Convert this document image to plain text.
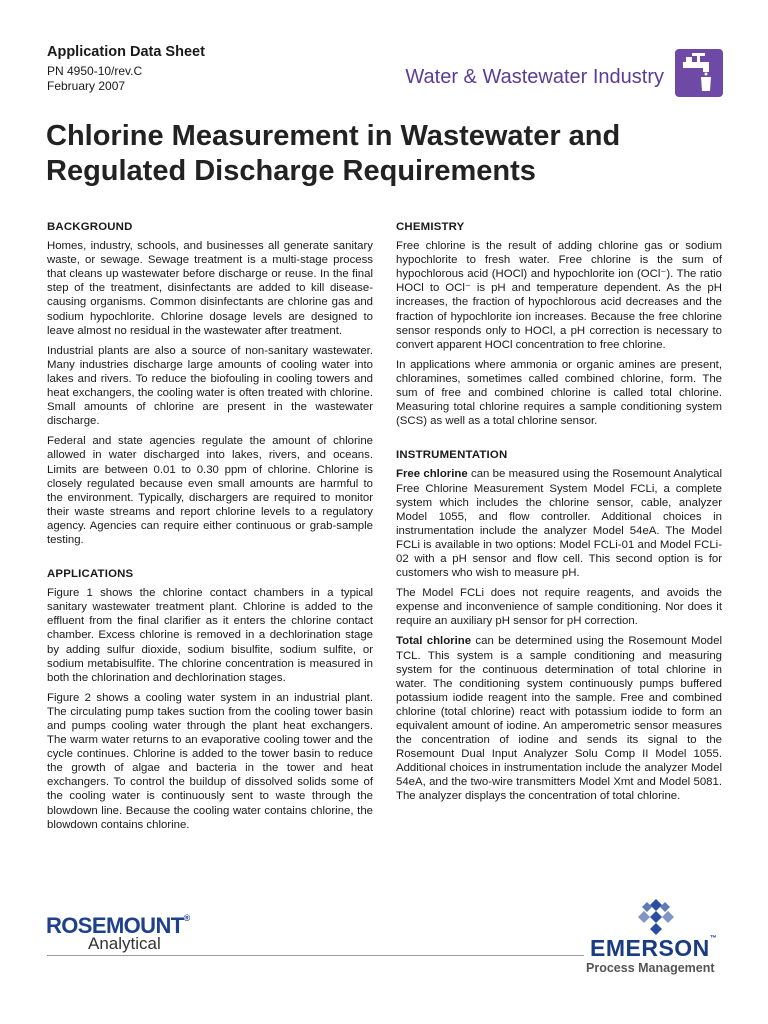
Application Data Sheet
PN 4950-10/rev.C
February 2007	Water & Wastewater Industry
Chlorine Measurement in Wastewater and Regulated Discharge Requirements
BACKGROUND

Homes, industry, schools, and businesses all generate sanitary waste, or sewage. Sewage treatment is a multi-stage process that cleans up wastewater before discharge or reuse. In the final step of the treatment, disinfectants are added to kill disease-causing organisms. Common disinfectants are chlorine gas and sodium hypochlorite. Chlorine dosage levels are designed to leave almost no residual in the wastewater after treatment.

Industrial plants are also a source of non-sanitary wastewater. Many industries discharge large amounts of cooling water into lakes and rivers. To reduce the biofouling in cooling towers and heat exchangers, the cooling water is often treated with chlorine. Small amounts of chlorine are present in the wastewater discharge.

Federal and state agencies regulate the amount of chlorine allowed in water discharged into lakes, rivers, and oceans. Limits are between 0.01 to 0.30 ppm of chlorine. Chlorine is closely regulated because even small amounts are harmful to the environment. Typically, dischargers are required to monitor their waste streams and report chlorine levels to a regulatory agency. Agencies can require either continuous or grab-sample testing.

APPLICATIONS

Figure 1 shows the chlorine contact chambers in a typical sanitary wastewater treatment plant. Chlorine is added to the effluent from the final clarifier as it enters the chlorine contact chamber. Excess chlorine is removed in a dechlorination stage by adding sulfur dioxide, sodium bisulfite, sodium sulfite, or sodium metabisulfite. The chlorine concentration is measured in both the chlorination and dechlorination stages.

Figure 2 shows a cooling water system in an industrial plant. The circulating pump takes suction from the cooling tower basin and pumps cooling water through the plant heat exchangers. The warm water returns to an evaporative cooling tower and the cycle continues. Chlorine is added to the tower basin to reduce the growth of algae and bacteria in the tower and heat exchangers. To control the buildup of dissolved solids some of the cooling water is continuously sent to waste through the blowdown line. Because the cooling water contains chlorine, the blowdown contains chlorine.

CHEMISTRY

Free chlorine is the result of adding chlorine gas or sodium hypochlorite to fresh water. Free chlorine is the sum of hypochlorous acid (HOCl) and hypochlorite ion (OCl⁻). The ratio HOCl to OCl⁻ is pH and temperature dependent. As the pH increases, the fraction of hypochlorous acid decreases and the fraction of hypochlorite ion increases. Because the free chlorine sensor responds only to HOCl, a pH correction is necessary to convert apparent HOCl concentration to free chlorine.

In applications where ammonia or organic amines are present, chloramines, sometimes called combined chlorine, form. The sum of free and combined chlorine is called total chlorine. Measuring total chlorine requires a sample conditioning system (SCS) as well as a total chlorine sensor.

INSTRUMENTATION

Free chlorine can be measured using the Rosemount Analytical Free Chlorine Measurement System Model FCLi, a complete system which includes the chlorine sensor, cable, analyzer Model 1055, and flow controller. Additional choices in instrumentation include the analyzer Model 54eA. The Model FCLi is available in two options: Model FCLi-01 and Model FCLi-02 with a pH sensor and flow cell. This second option is for customers who wish to measure pH.

The Model FCLi does not require reagents, and avoids the expense and inconvenience of sample conditioning. Nor does it require an auxiliary pH sensor for pH correction.

Total chlorine can be determined using the Rosemount Model TCL. This system is a sample conditioning and measuring system for the continuous determination of total chlorine in water. The conditioning system continuously pumps buffered potassium iodide reagent into the sample. Free and combined chlorine (total chlorine) react with potassium iodide to form an equivalent amount of iodine. An amperometric sensor measures the concentration of iodine and sends its signal to the Rosemount Dual Input Analyzer Solu Comp II Model 1055. Additional choices in instrumentation include the analyzer Model 54eA, and the two-wire transmitters Model Xmt and Model 5081. The analyzer displays the concentration of total chlorine.

ROSEMOUNT®
Analytical	EMERSON™
Process Management
